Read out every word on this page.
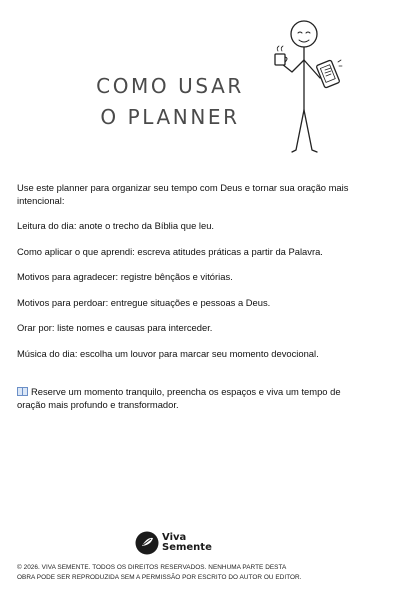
COMO USAR
O PLANNER

Use este planner para organizar seu tempo com Deus e tornar sua oração mais intencional:

Leitura do dia: anote o trecho da Bíblia que leu.

Como aplicar o que aprendi: escreva atitudes práticas a partir da Palavra.

Motivos para agradecer: registre bênçãos e vitórias.

Motivos para perdoar: entregue situações e pessoas a Deus.

Orar por: liste nomes e causas para interceder.

Música do dia: escolha um louvor para marcar seu momento devocional.

Reserve um momento tranquilo, preencha os espaços e viva um tempo de oração mais profundo e transformador.

Viva
Semente
© 2026. VIVA SEMENTE. TODOS OS DIREITOS RESERVADOS. NENHUMA PARTE DESTA
OBRA PODE SER REPRODUZIDA SEM A PERMISSÃO POR ESCRITO DO AUTOR OU EDITOR.
